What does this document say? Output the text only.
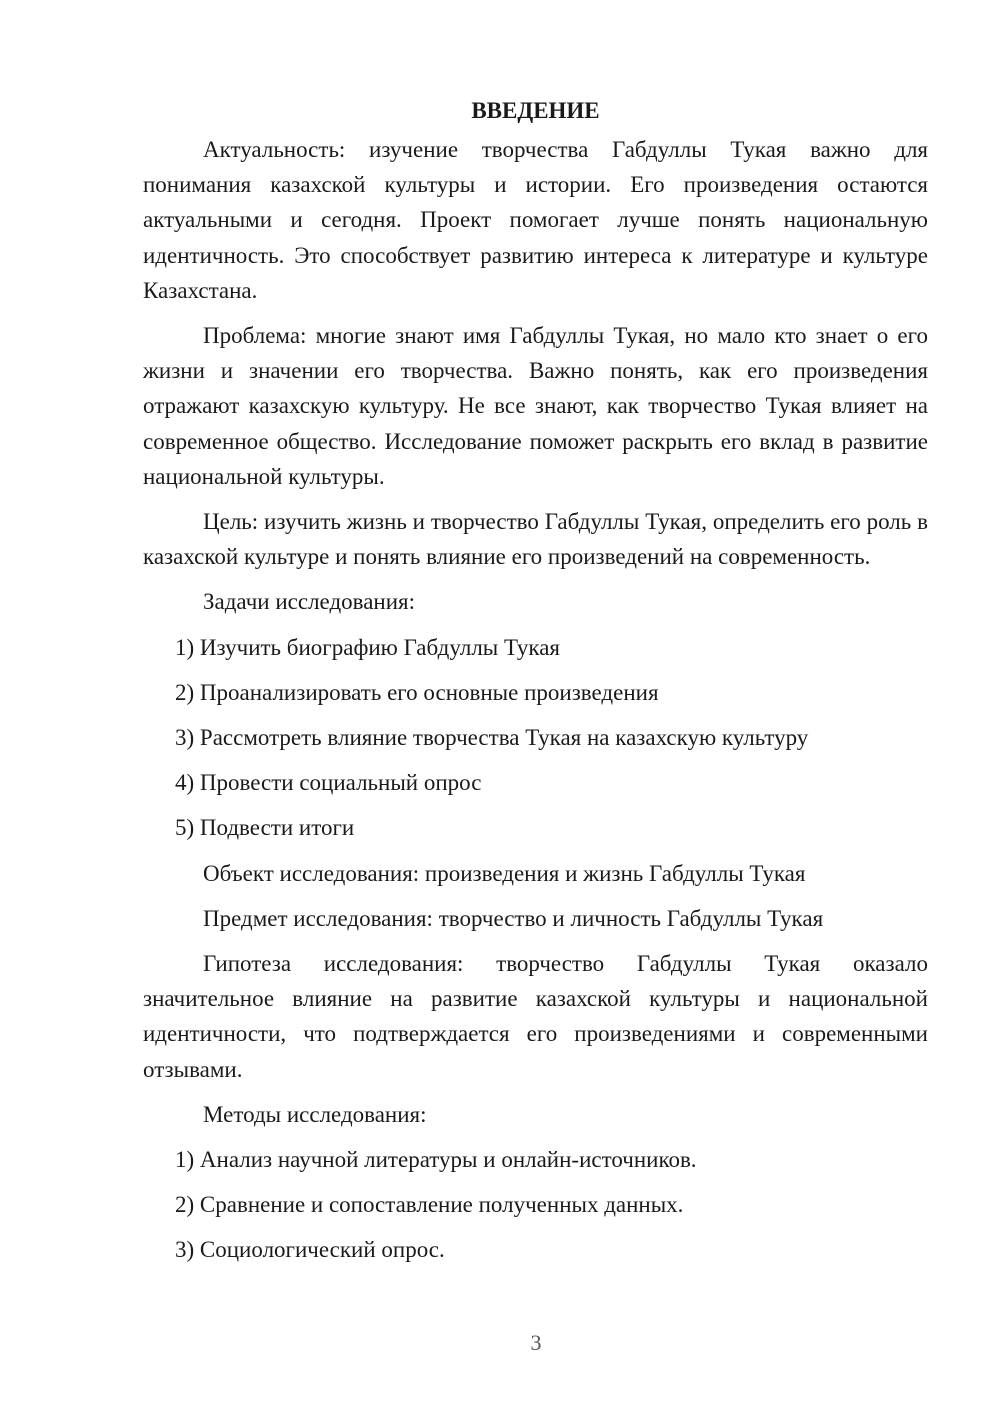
ВВЕДЕНИЕ

Актуальность: изучение творчества Габдуллы Тукая важно для понимания казахской культуры и истории. Его произведения остаются актуальными и сегодня. Проект помогает лучше понять национальную идентичность. Это способствует развитию интереса к литературе и культуре Казахстана.

Проблема: многие знают имя Габдуллы Тукая, но мало кто знает о его жизни и значении его творчества. Важно понять, как его произведения отражают казахскую культуру. Не все знают, как творчество Тукая влияет на современное общество. Исследование поможет раскрыть его вклад в развитие национальной культуры.

Цель: изучить жизнь и творчество Габдуллы Тукая, определить его роль в казахской культуре и понять влияние его произведений на современность.

Задачи исследования:
1) Изучить биографию Габдуллы Тукая
2) Проанализировать его основные произведения
3) Рассмотреть влияние творчества Тукая на казахскую культуру
4) Провести социальный опрос
5) Подвести итоги
Объект исследования: произведения и жизнь Габдуллы Тукая
Предмет исследования: творчество и личность Габдуллы Тукая

Гипотеза исследования: творчество Габдуллы Тукая оказало значительное влияние на развитие казахской культуры и национальной идентичности, что подтверждается его произведениями и современными отзывами.

Методы исследования:
1) Анализ научной литературы и онлайн-источников.
2) Сравнение и сопоставление полученных данных.
3) Социологический опрос.
3
